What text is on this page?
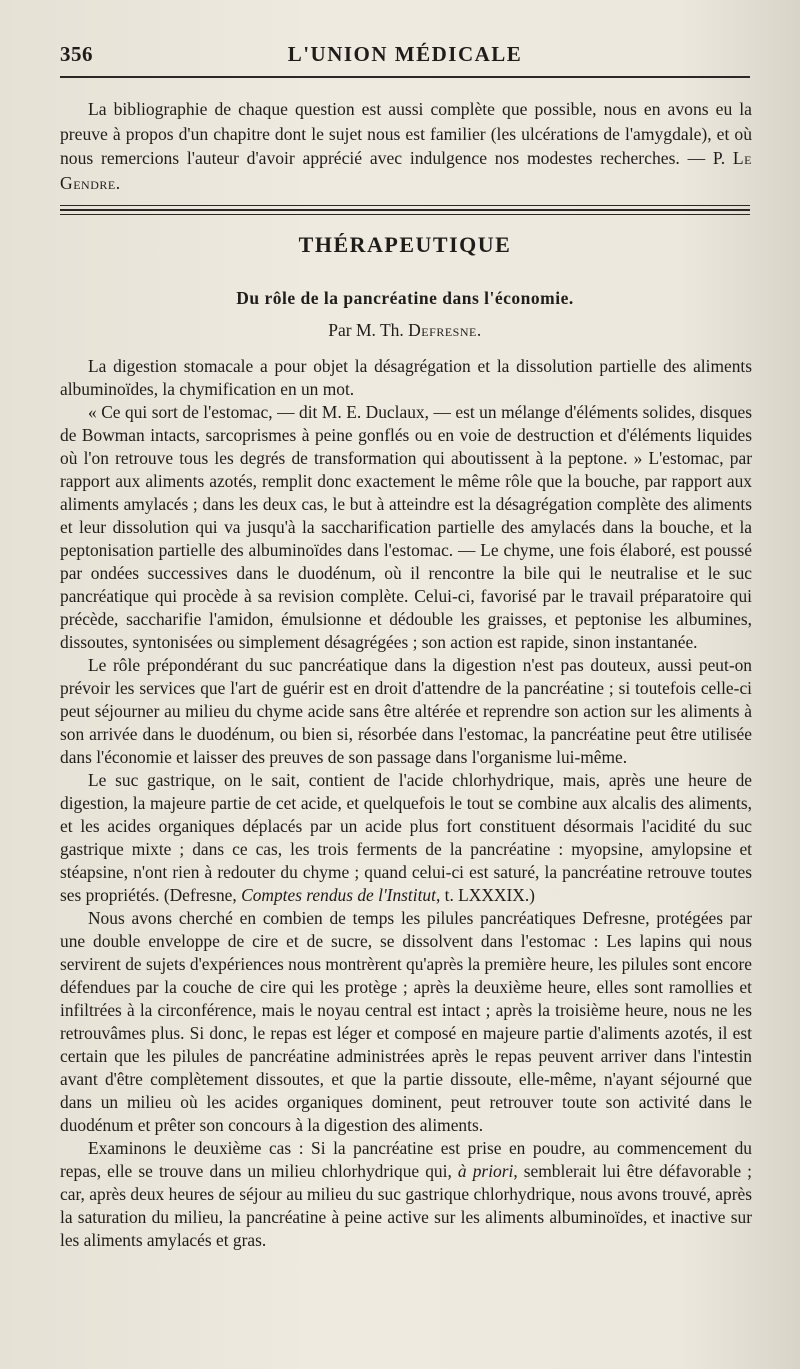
356	L'UNION MÉDICALE

La bibliographie de chaque question est aussi complète que possible, nous en avons eu la preuve à propos d'un chapitre dont le sujet nous est familier (les ulcérations de l'amygdale), et où nous remercions l'auteur d'avoir apprécié avec indulgence nos modestes recherches. — P. Le Gendre.

THÉRAPEUTIQUE
Du rôle de la pancréatine dans l'économie.
Par M. Th. Defresne.

La digestion stomacale a pour objet la désagrégation et la dissolution partielle des aliments albuminoïdes, la chymification en un mot.

« Ce qui sort de l'estomac, — dit M. E. Duclaux, — est un mélange d'éléments solides, disques de Bowman intacts, sarcoprismes à peine gonflés ou en voie de destruction et d'éléments liquides où l'on retrouve tous les degrés de transformation qui aboutissent à la peptone. » L'estomac, par rapport aux aliments azotés, remplit donc exactement le même rôle que la bouche, par rapport aux aliments amylacés ; dans les deux cas, le but à atteindre est la désagrégation complète des aliments et leur dissolution qui va jusqu'à la saccharification partielle des amylacés dans la bouche, et la peptonisation partielle des albuminoïdes dans l'estomac. — Le chyme, une fois élaboré, est poussé par ondées successives dans le duodénum, où il rencontre la bile qui le neutralise et le suc pancréatique qui procède à sa revision complète. Celui-ci, favorisé par le travail préparatoire qui précède, saccharifie l'amidon, émulsionne et dédouble les graisses, et peptonise les albumines, dissoutes, syntonisées ou simplement désagrégées ; son action est rapide, sinon instantanée.

Le rôle prépondérant du suc pancréatique dans la digestion n'est pas douteux, aussi peut-on prévoir les services que l'art de guérir est en droit d'attendre de la pancréatine ; si toutefois celle-ci peut séjourner au milieu du chyme acide sans être altérée et reprendre son action sur les aliments à son arrivée dans le duodénum, ou bien si, résorbée dans l'estomac, la pancréatine peut être utilisée dans l'économie et laisser des preuves de son passage dans l'organisme lui-même.

Le suc gastrique, on le sait, contient de l'acide chlorhydrique, mais, après une heure de digestion, la majeure partie de cet acide, et quelquefois le tout se combine aux alcalis des aliments, et les acides organiques déplacés par un acide plus fort constituent désormais l'acidité du suc gastrique mixte ; dans ce cas, les trois ferments de la pancréatine : myopsine, amylopsine et stéapsine, n'ont rien à redouter du chyme ; quand celui-ci est saturé, la pancréatine retrouve toutes ses propriétés. (Defresne, Comptes rendus de l'Institut, t. LXXXIX.)

Nous avons cherché en combien de temps les pilules pancréatiques Defresne, protégées par une double enveloppe de cire et de sucre, se dissolvent dans l'estomac : Les lapins qui nous servirent de sujets d'expériences nous montrèrent qu'après la première heure, les pilules sont encore défendues par la couche de cire qui les protège ; après la deuxième heure, elles sont ramollies et infiltrées à la circonférence, mais le noyau central est intact ; après la troisième heure, nous ne les retrouvâmes plus. Si donc, le repas est léger et composé en majeure partie d'aliments azotés, il est certain que les pilules de pancréatine administrées après le repas peuvent arriver dans l'intestin avant d'être complètement dissoutes, et que la partie dissoute, elle-même, n'ayant séjourné que dans un milieu où les acides organiques dominent, peut retrouver toute son activité dans le duodénum et prêter son concours à la digestion des aliments.

Examinons le deuxième cas : Si la pancréatine est prise en poudre, au commencement du repas, elle se trouve dans un milieu chlorhydrique qui, à priori, semblerait lui être défavorable ; car, après deux heures de séjour au milieu du suc gastrique chlorhydrique, nous avons trouvé, après la saturation du milieu, la pancréatine à peine active sur les aliments albuminoïdes, et inactive sur les aliments amylacés et gras.
